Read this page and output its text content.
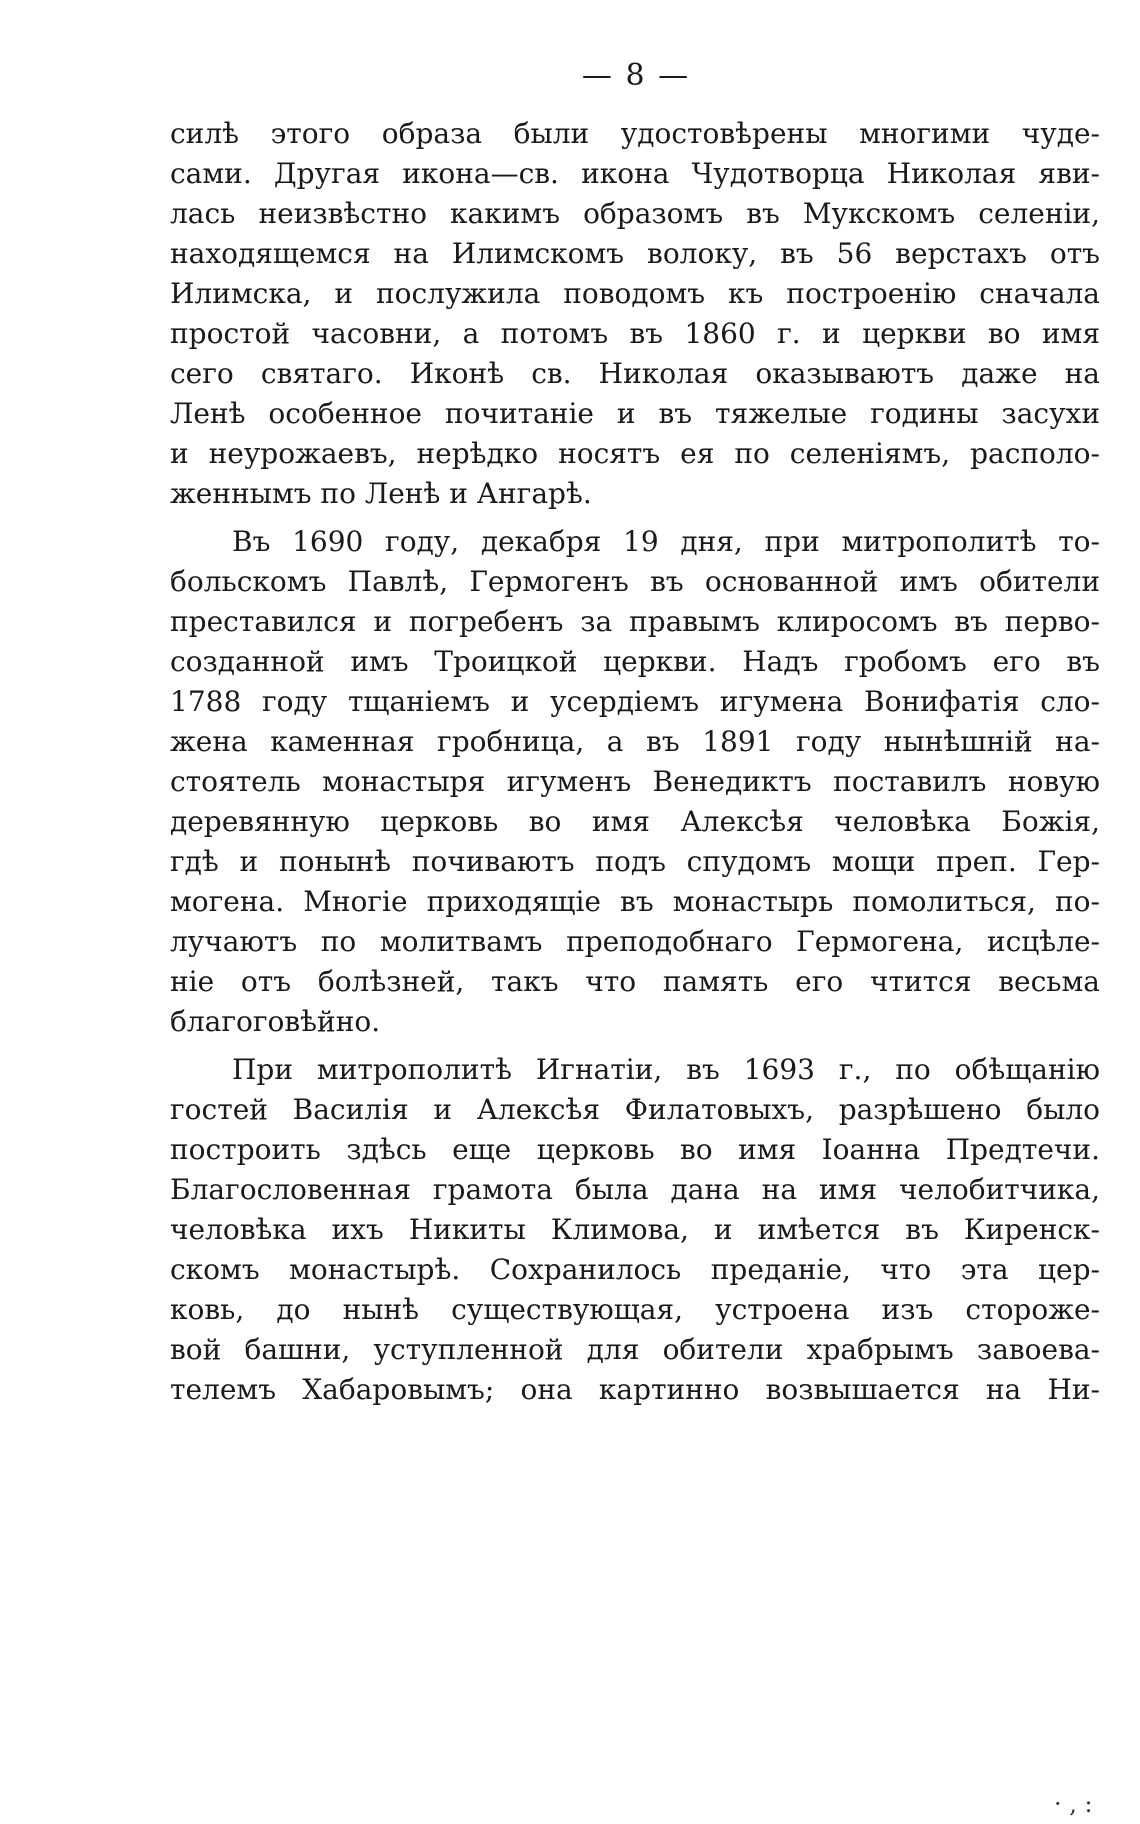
— 8 —
силѣ этого образа были удостовѣрены многими чуде-
сами. Другая икона—св. икона Чудотворца Николая яви-
лась неизвѣстно какимъ образомъ въ Мукскомъ селеніи,
находящемся на Илимскомъ волоку, въ 56 верстахъ отъ
Илимска, и послужила поводомъ къ построенію сначала
простой часовни, а потомъ въ 1860 г. и церкви во имя
сего святаго. Иконѣ св. Николая оказываютъ даже на
Ленѣ особенное почитаніе и въ тяжелые годины засухи
и неурожаевъ, нерѣдко носятъ ея по селеніямъ, располо-
женнымъ по Ленѣ и Ангарѣ.
Въ 1690 году, декабря 19 дня, при митрополитѣ то-
больскомъ Павлѣ, Гермогенъ въ основанной имъ обители
преставился и погребенъ за правымъ клиросомъ въ перво-
созданной имъ Троицкой церкви. Надъ гробомъ его въ
1788 году тщаніемъ и усердіемъ игумена Вонифатія сло-
жена каменная гробница, а въ 1891 году нынѣшній на-
стоятель монастыря игуменъ Венедиктъ поставилъ новую
деревянную церковь во имя Алексѣя человѣка Божія,
гдѣ и понынѣ почиваютъ подъ спудомъ мощи преп. Гер-
могена. Многіе приходящіе въ монастырь помолиться, по-
лучаютъ по молитвамъ преподобнаго Гермогена, исцѣле-
ніе отъ болѣзней, такъ что память его чтится весьма
благоговѣйно.
При митрополитѣ Игнатіи, въ 1693 г., по обѣщанію
гостей Василія и Алексѣя Филатовыхъ, разрѣшено было
построить здѣсь еще церковь во имя Іоанна Предтечи.
Благословенная грамота была дана на имя челобитчика,
человѣка ихъ Никиты Климова, и имѣется въ Киренск-
скомъ монастырѣ. Сохранилось преданіе, что эта цер-
ковь, до нынѣ существующая, устроена изъ сторожe-
вой башни, уступленной для обители храбрымъ завоева-
телемъ Хабаровымъ; она картинно возвышается на Ни-
· , :
